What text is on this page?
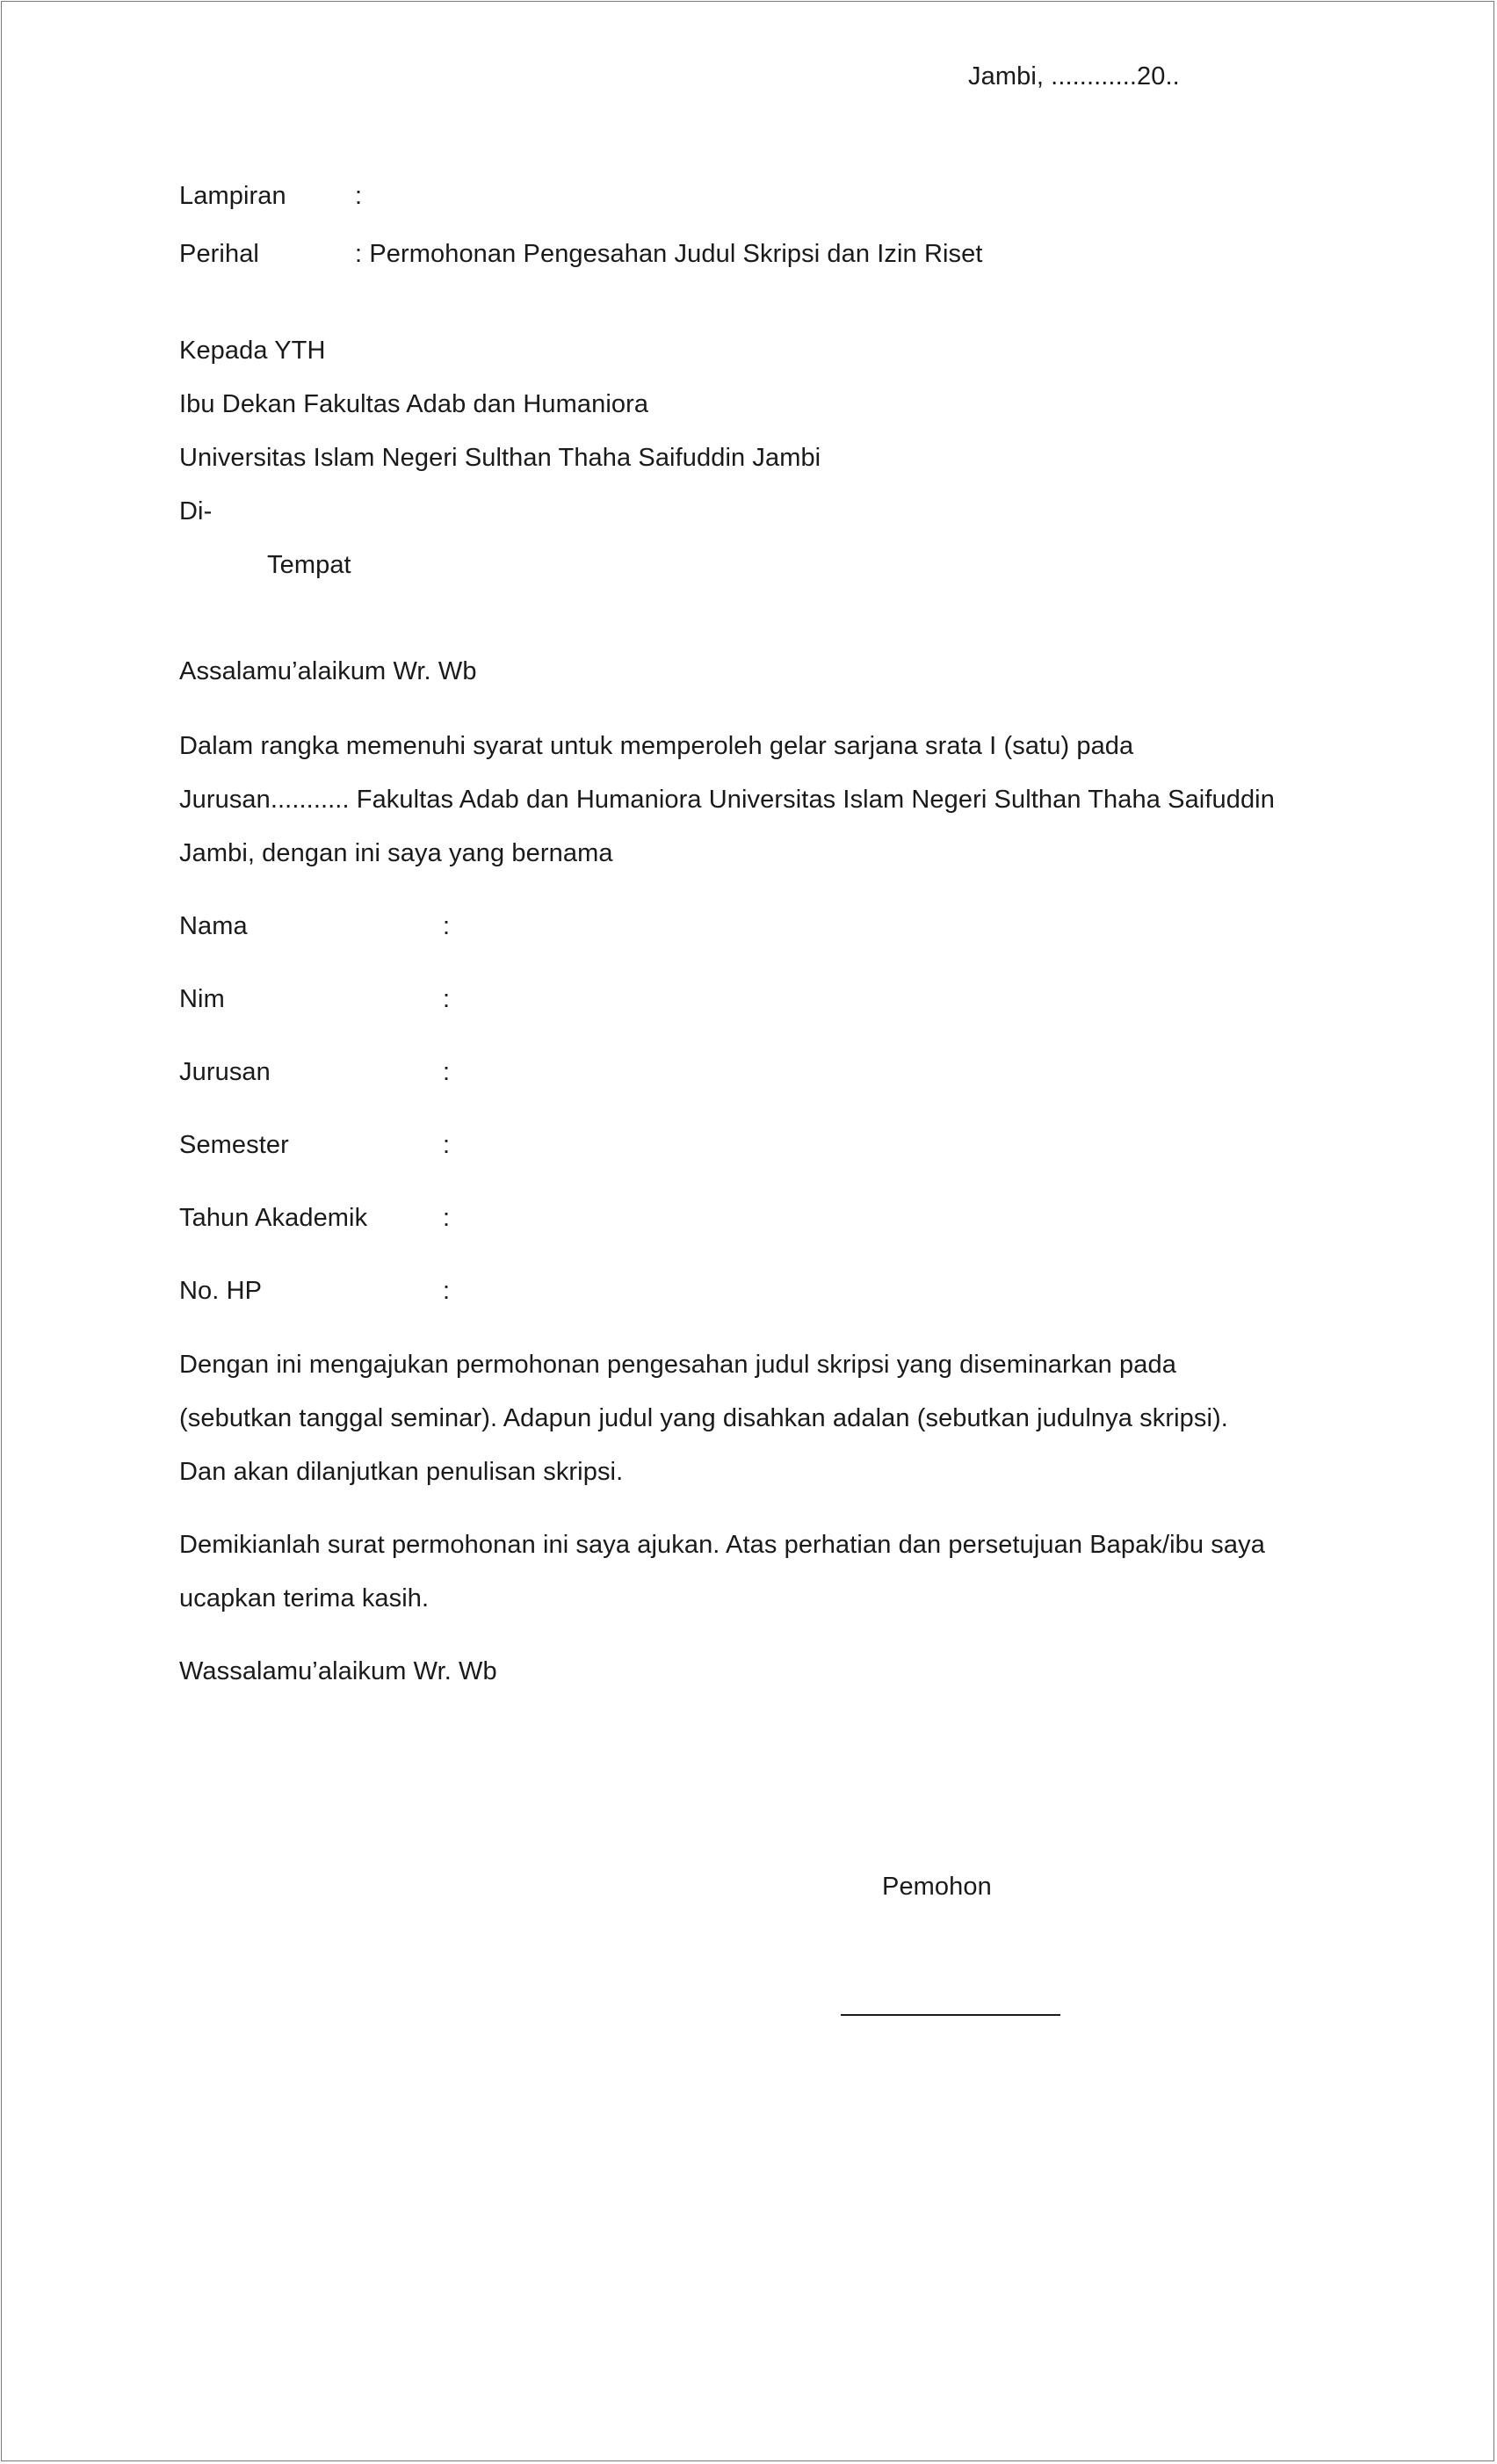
Jambi, ............20..
Lampiran	:
Perihal	: Permohonan Pengesahan Judul Skripsi dan Izin Riset
Kepada YTH
Ibu Dekan Fakultas Adab dan Humaniora
Universitas Islam Negeri Sulthan Thaha Saifuddin Jambi
Di-
Tempat
Assalamu’alaikum Wr. Wb
Dalam rangka memenuhi syarat untuk memperoleh gelar sarjana srata I (satu) pada
Jurusan........... Fakultas Adab dan Humaniora Universitas Islam Negeri Sulthan Thaha Saifuddin
Jambi, dengan ini saya yang bernama
Nama	:
Nim	:
Jurusan	:
Semester	:
Tahun Akademik	:
No. HP	:
Dengan ini mengajukan permohonan pengesahan judul skripsi yang diseminarkan pada
(sebutkan tanggal seminar). Adapun judul yang disahkan adalan (sebutkan judulnya skripsi).
Dan akan dilanjutkan penulisan skripsi.
Demikianlah surat permohonan ini saya ajukan. Atas perhatian dan persetujuan Bapak/ibu saya
ucapkan terima kasih.
Wassalamu’alaikum Wr. Wb
Pemohon
